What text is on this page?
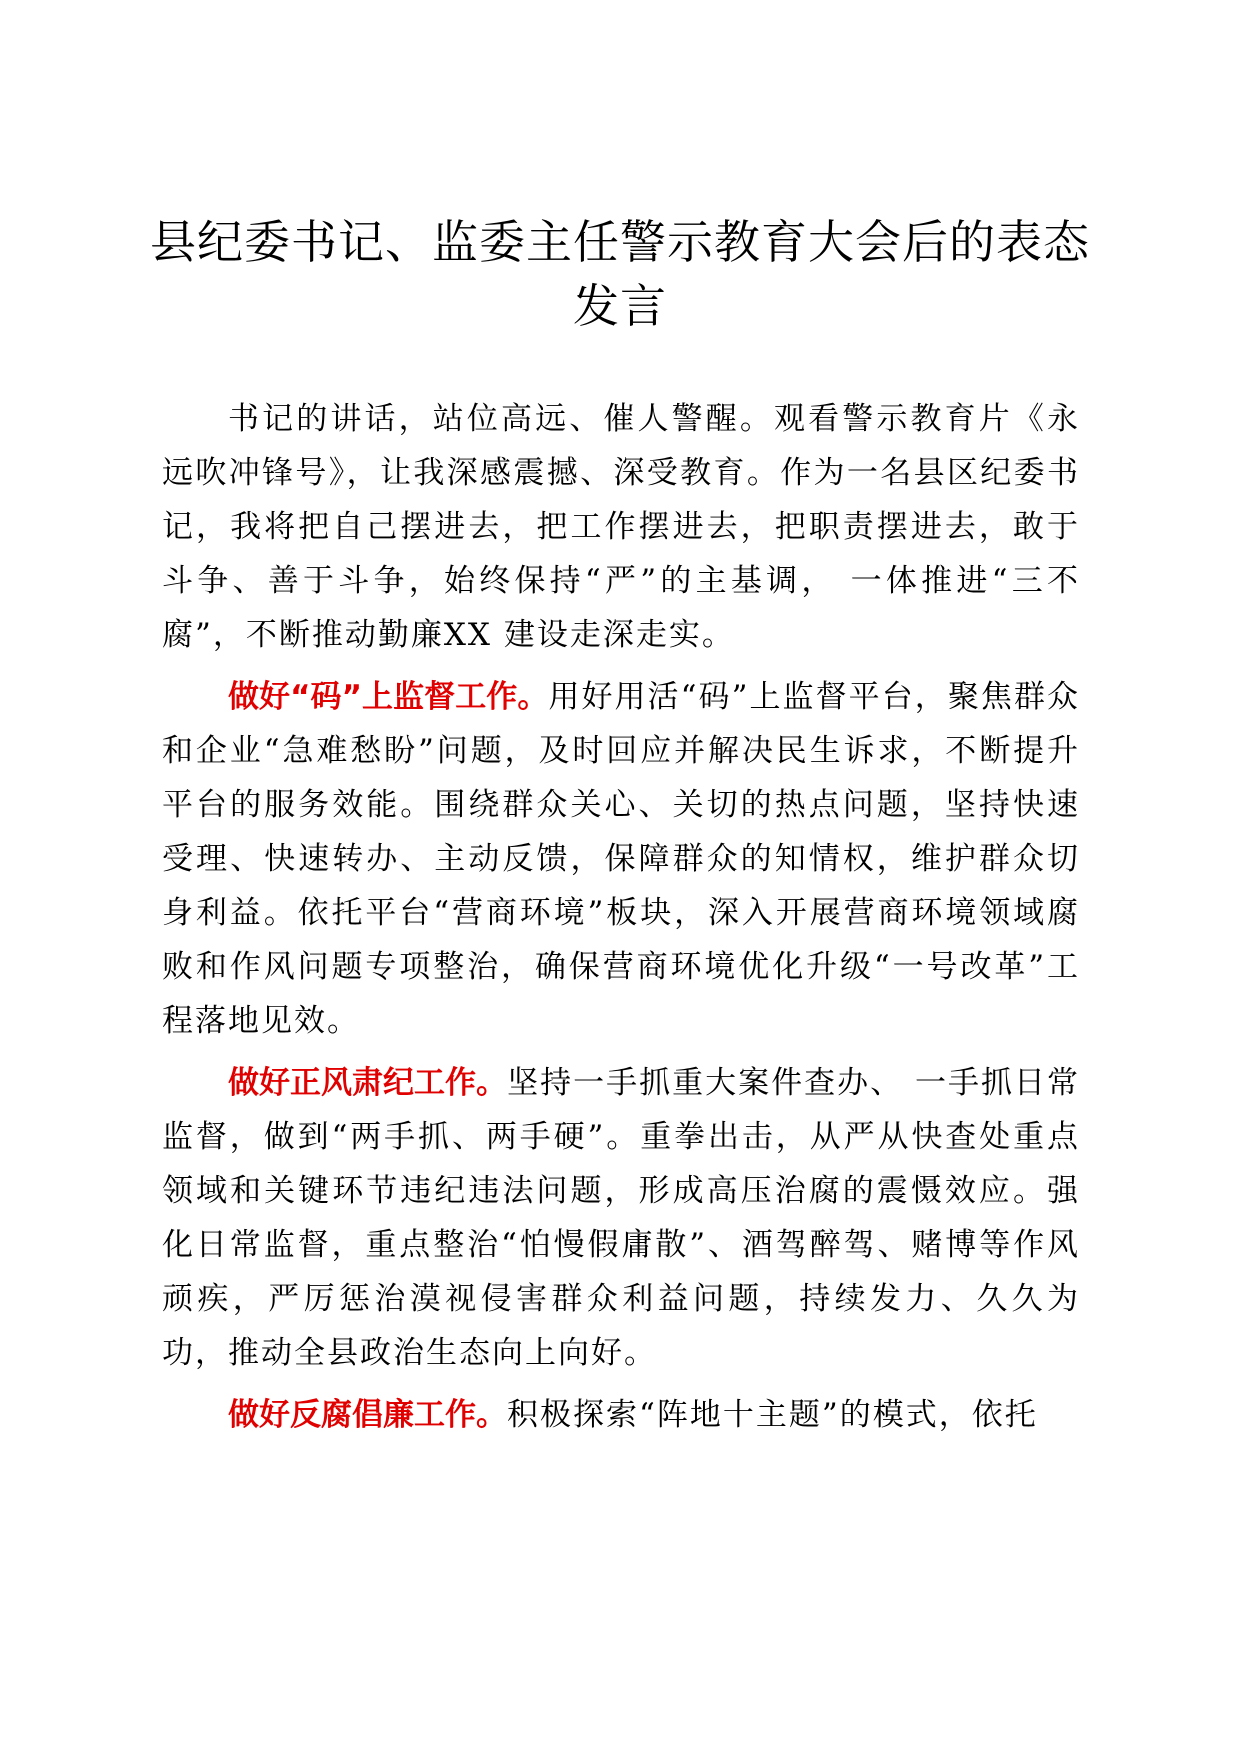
县纪委书记、监委主任警示教育大会后的表态发言

书记的讲话，站位高远、催人警醒。观看警示教育片《永远吹冲锋号》，让我深感震撼、深受教育。作为一名县区纪委书记，我将把自己摆进去，把工作摆进去，把职责摆进去，敢于斗争、善于斗争，始终保持“严”的主基调， 一体推进“三不腐”，不断推动勤廉XX 建设走深走实。

做好“码”上监督工作。用好用活“码”上监督平台，聚焦群众和企业“急难愁盼”问题，及时回应并解决民生诉求，不断提升平台的服务效能。围绕群众关心、关切的热点问题，坚持快速受理、快速转办、主动反馈，保障群众的知情权，维护群众切身利益。依托平台“营商环境”板块，深入开展营商环境领域腐败和作风问题专项整治，确保营商环境优化升级“一号改革”工程落地见效。

做好正风肃纪工作。坚持一手抓重大案件查办、 一手抓日常监督，做到“两手抓、两手硬”。重拳出击，从严从快查处重点领域和关键环节违纪违法问题，形成高压治腐的震慑效应。强化日常监督，重点整治“怕慢假庸散”、酒驾醉驾、赌博等作风顽疾，严厉惩治漠视侵害群众利益问题，持续发力、久久为功，推动全县政治生态向上向好。

做好反腐倡廉工作。积极探索“阵地十主题”的模式，依托
